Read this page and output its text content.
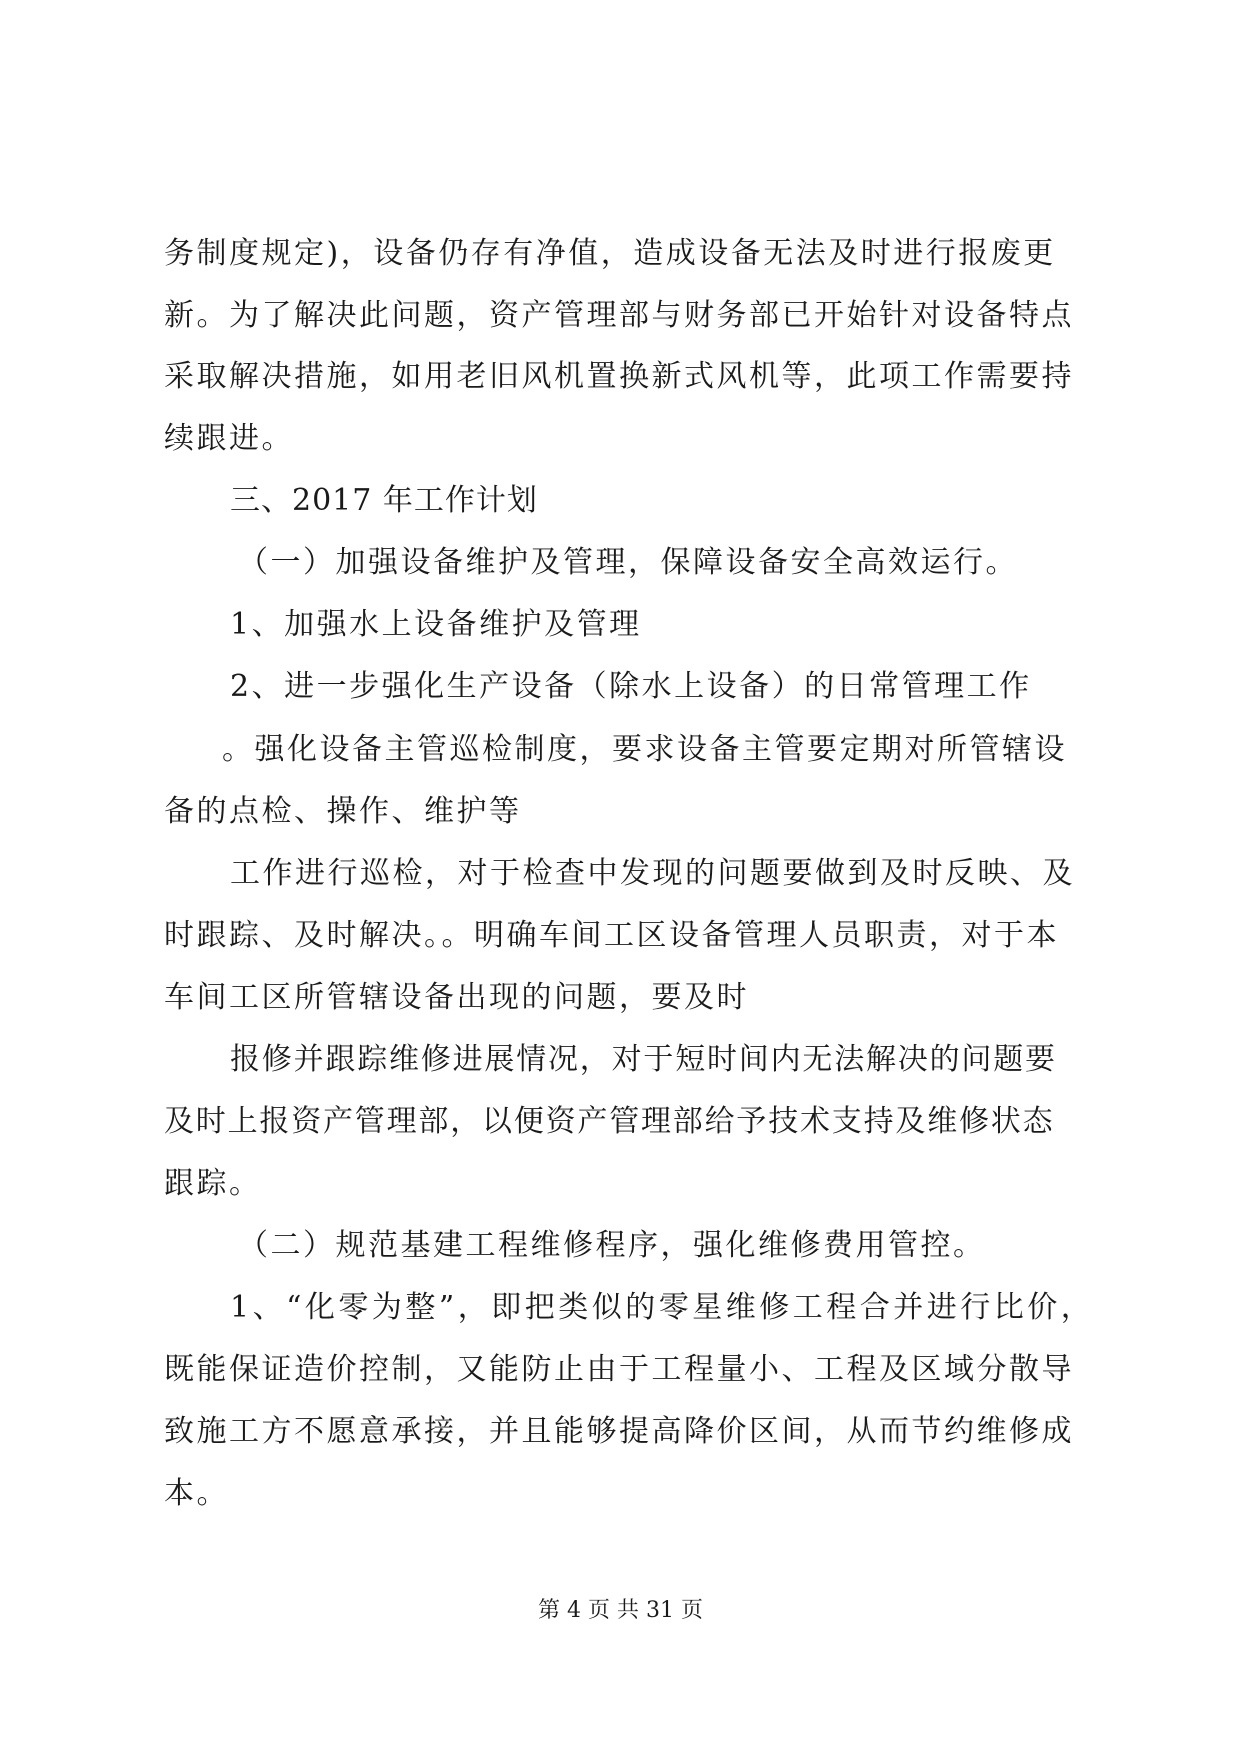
务制度规定)，设备仍存有净值，造成设备无法及时进行报废更
新。为了解决此问题，资产管理部与财务部已开始针对设备特点
采取解决措施，如用老旧风机置换新式风机等，此项工作需要持
续跟进。
三、2017 年工作计划
（一）加强设备维护及管理，保障设备安全高效运行。
1、加强水上设备维护及管理
2、进一步强化生产设备（除水上设备）的日常管理工作
。强化设备主管巡检制度，要求设备主管要定期对所管辖设
备的点检、操作、维护等
工作进行巡检，对于检查中发现的问题要做到及时反映、及
时跟踪、及时解决。。明确车间工区设备管理人员职责，对于本
车间工区所管辖设备出现的问题，要及时
报修并跟踪维修进展情况，对于短时间内无法解决的问题要
及时上报资产管理部，以便资产管理部给予技术支持及维修状态
跟踪。
（二）规范基建工程维修程序，强化维修费用管控。
1、“化零为整”，即把类似的零星维修工程合并进行比价，
既能保证造价控制，又能防止由于工程量小、工程及区域分散导
致施工方不愿意承接，并且能够提高降价区间，从而节约维修成
本。
第 4 页 共 31 页
